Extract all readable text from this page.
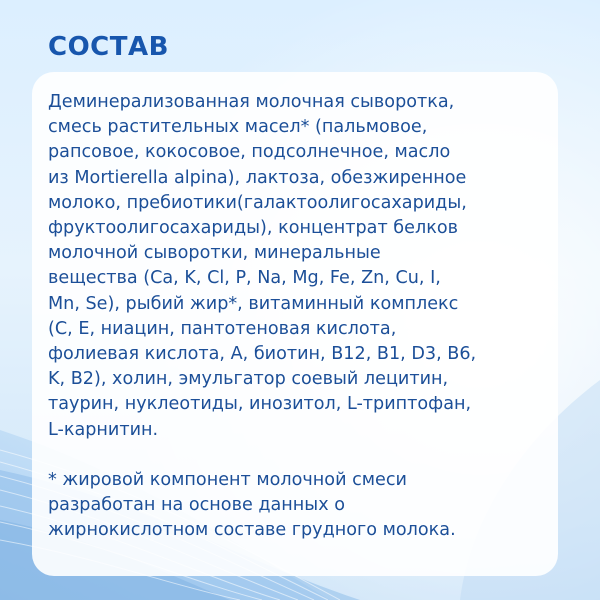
СОСТАВ

Деминерализованная молочная сыворотка,
смесь растительных масел* (пальмовое,
рапсовое, кокосовое, подсолнечное, масло
из Mortierella alpina), лактоза, обезжиренное
молоко, пребиотики(галактоолигосахариды,
фруктоолигосахариды), концентрат белков
молочной сыворотки, минеральные
вещества (Ca, K, Cl, P, Na, Mg, Fe, Zn, Cu, I,
Mn, Se), рыбий жир*, витаминный комплекс
(C, E, ниацин, пантотеновая кислота,
фолиевая кислота, A, биотин, B12, B1, D3, B6,
K, B2), холин, эмульгатор соевый лецитин,
таурин, нуклеотиды, инозитол, L-триптофан,
L-карнитин.

* жировой компонент молочной смеси
разработан на основе данных о
жирнокислотном составе грудного молока.
